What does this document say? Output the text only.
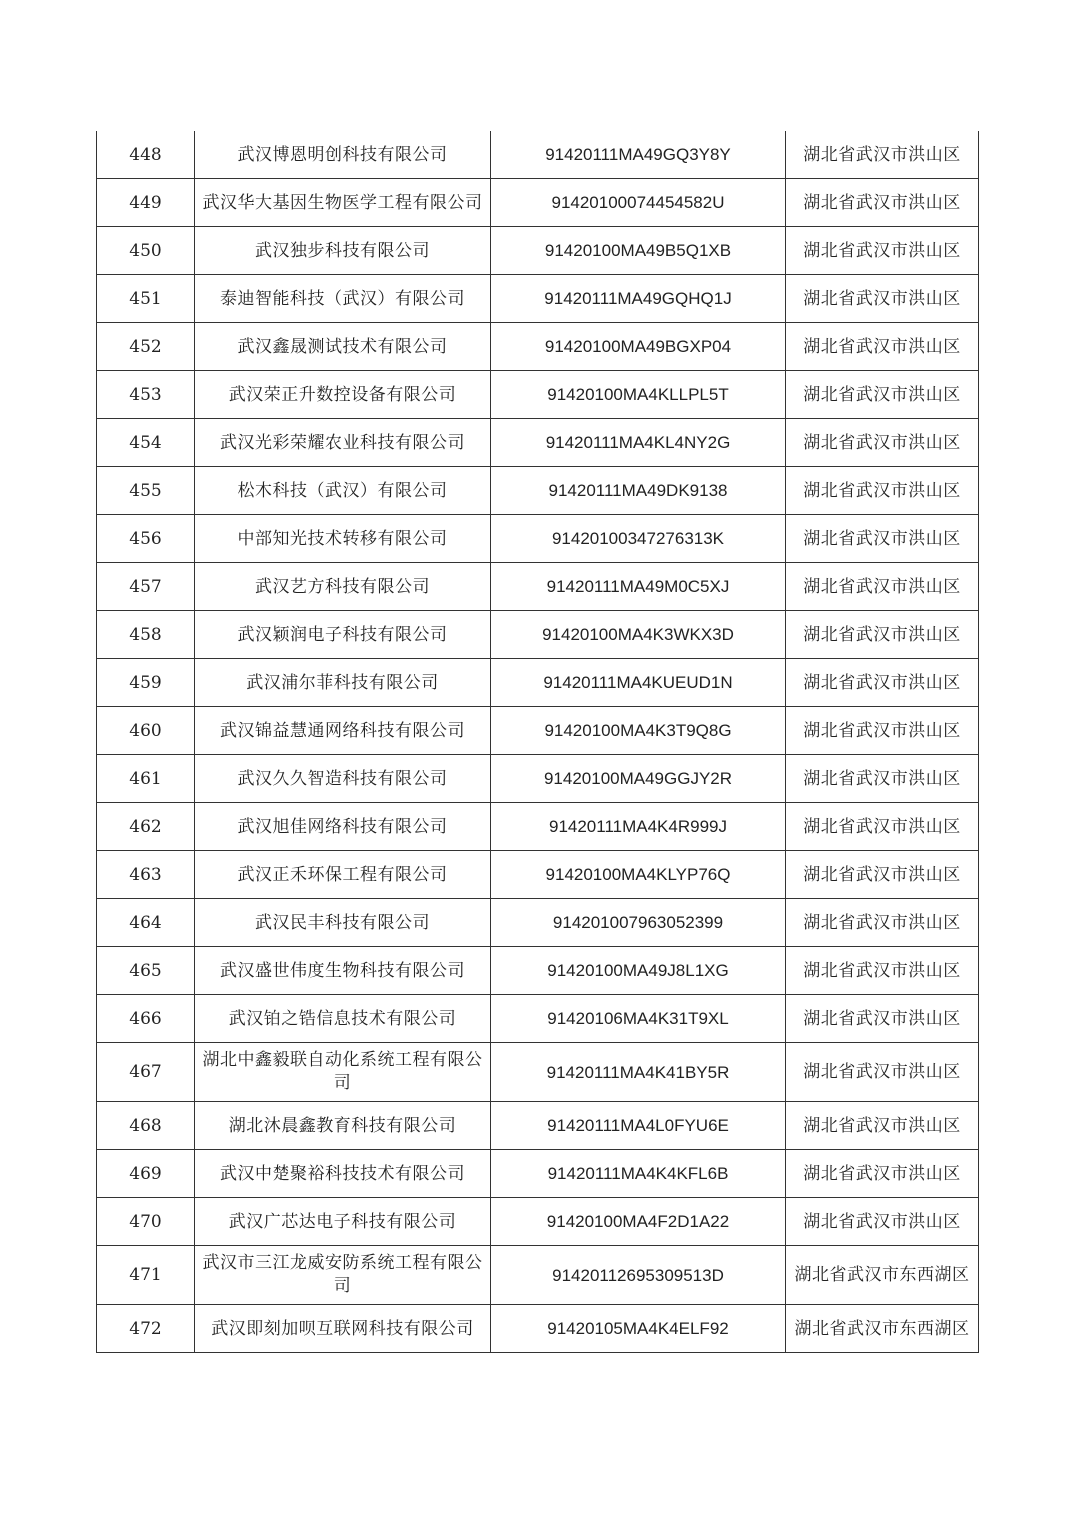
448	武汉博恩明创科技有限公司	91420111MA49GQ3Y8Y	湖北省武汉市洪山区
449	武汉华大基因生物医学工程有限公司	91420100074454582U	湖北省武汉市洪山区
450	武汉独步科技有限公司	91420100MA49B5Q1XB	湖北省武汉市洪山区
451	泰迪智能科技（武汉）有限公司	91420111MA49GQHQ1J	湖北省武汉市洪山区
452	武汉鑫晟测试技术有限公司	91420100MA49BGXP04	湖北省武汉市洪山区
453	武汉荣正升数控设备有限公司	91420100MA4KLLPL5T	湖北省武汉市洪山区
454	武汉光彩荣耀农业科技有限公司	91420111MA4KL4NY2G	湖北省武汉市洪山区
455	松木科技（武汉）有限公司	91420111MA49DK9138	湖北省武汉市洪山区
456	中部知光技术转移有限公司	91420100347276313K	湖北省武汉市洪山区
457	武汉艺方科技有限公司	91420111MA49M0C5XJ	湖北省武汉市洪山区
458	武汉颖润电子科技有限公司	91420100MA4K3WKX3D	湖北省武汉市洪山区
459	武汉浦尔菲科技有限公司	91420111MA4KUEUD1N	湖北省武汉市洪山区
460	武汉锦益慧通网络科技有限公司	91420100MA4K3T9Q8G	湖北省武汉市洪山区
461	武汉久久智造科技有限公司	91420100MA49GGJY2R	湖北省武汉市洪山区
462	武汉旭佳网络科技有限公司	91420111MA4K4R999J	湖北省武汉市洪山区
463	武汉正禾环保工程有限公司	91420100MA4KLYP76Q	湖北省武汉市洪山区
464	武汉民丰科技有限公司	914201007963052399	湖北省武汉市洪山区
465	武汉盛世伟度生物科技有限公司	91420100MA49J8L1XG	湖北省武汉市洪山区
466	武汉铂之锆信息技术有限公司	91420106MA4K31T9XL	湖北省武汉市洪山区
467	湖北中鑫毅联自动化系统工程有限公司	91420111MA4K41BY5R	湖北省武汉市洪山区
468	湖北沐晨鑫教育科技有限公司	91420111MA4L0FYU6E	湖北省武汉市洪山区
469	武汉中楚聚裕科技技术有限公司	91420111MA4K4KFL6B	湖北省武汉市洪山区
470	武汉广芯达电子科技有限公司	91420100MA4F2D1A22	湖北省武汉市洪山区
471	武汉市三江龙威安防系统工程有限公司	91420112695309513D	湖北省武汉市东西湖区
472	武汉即刻加呗互联网科技有限公司	91420105MA4K4ELF92	湖北省武汉市东西湖区
